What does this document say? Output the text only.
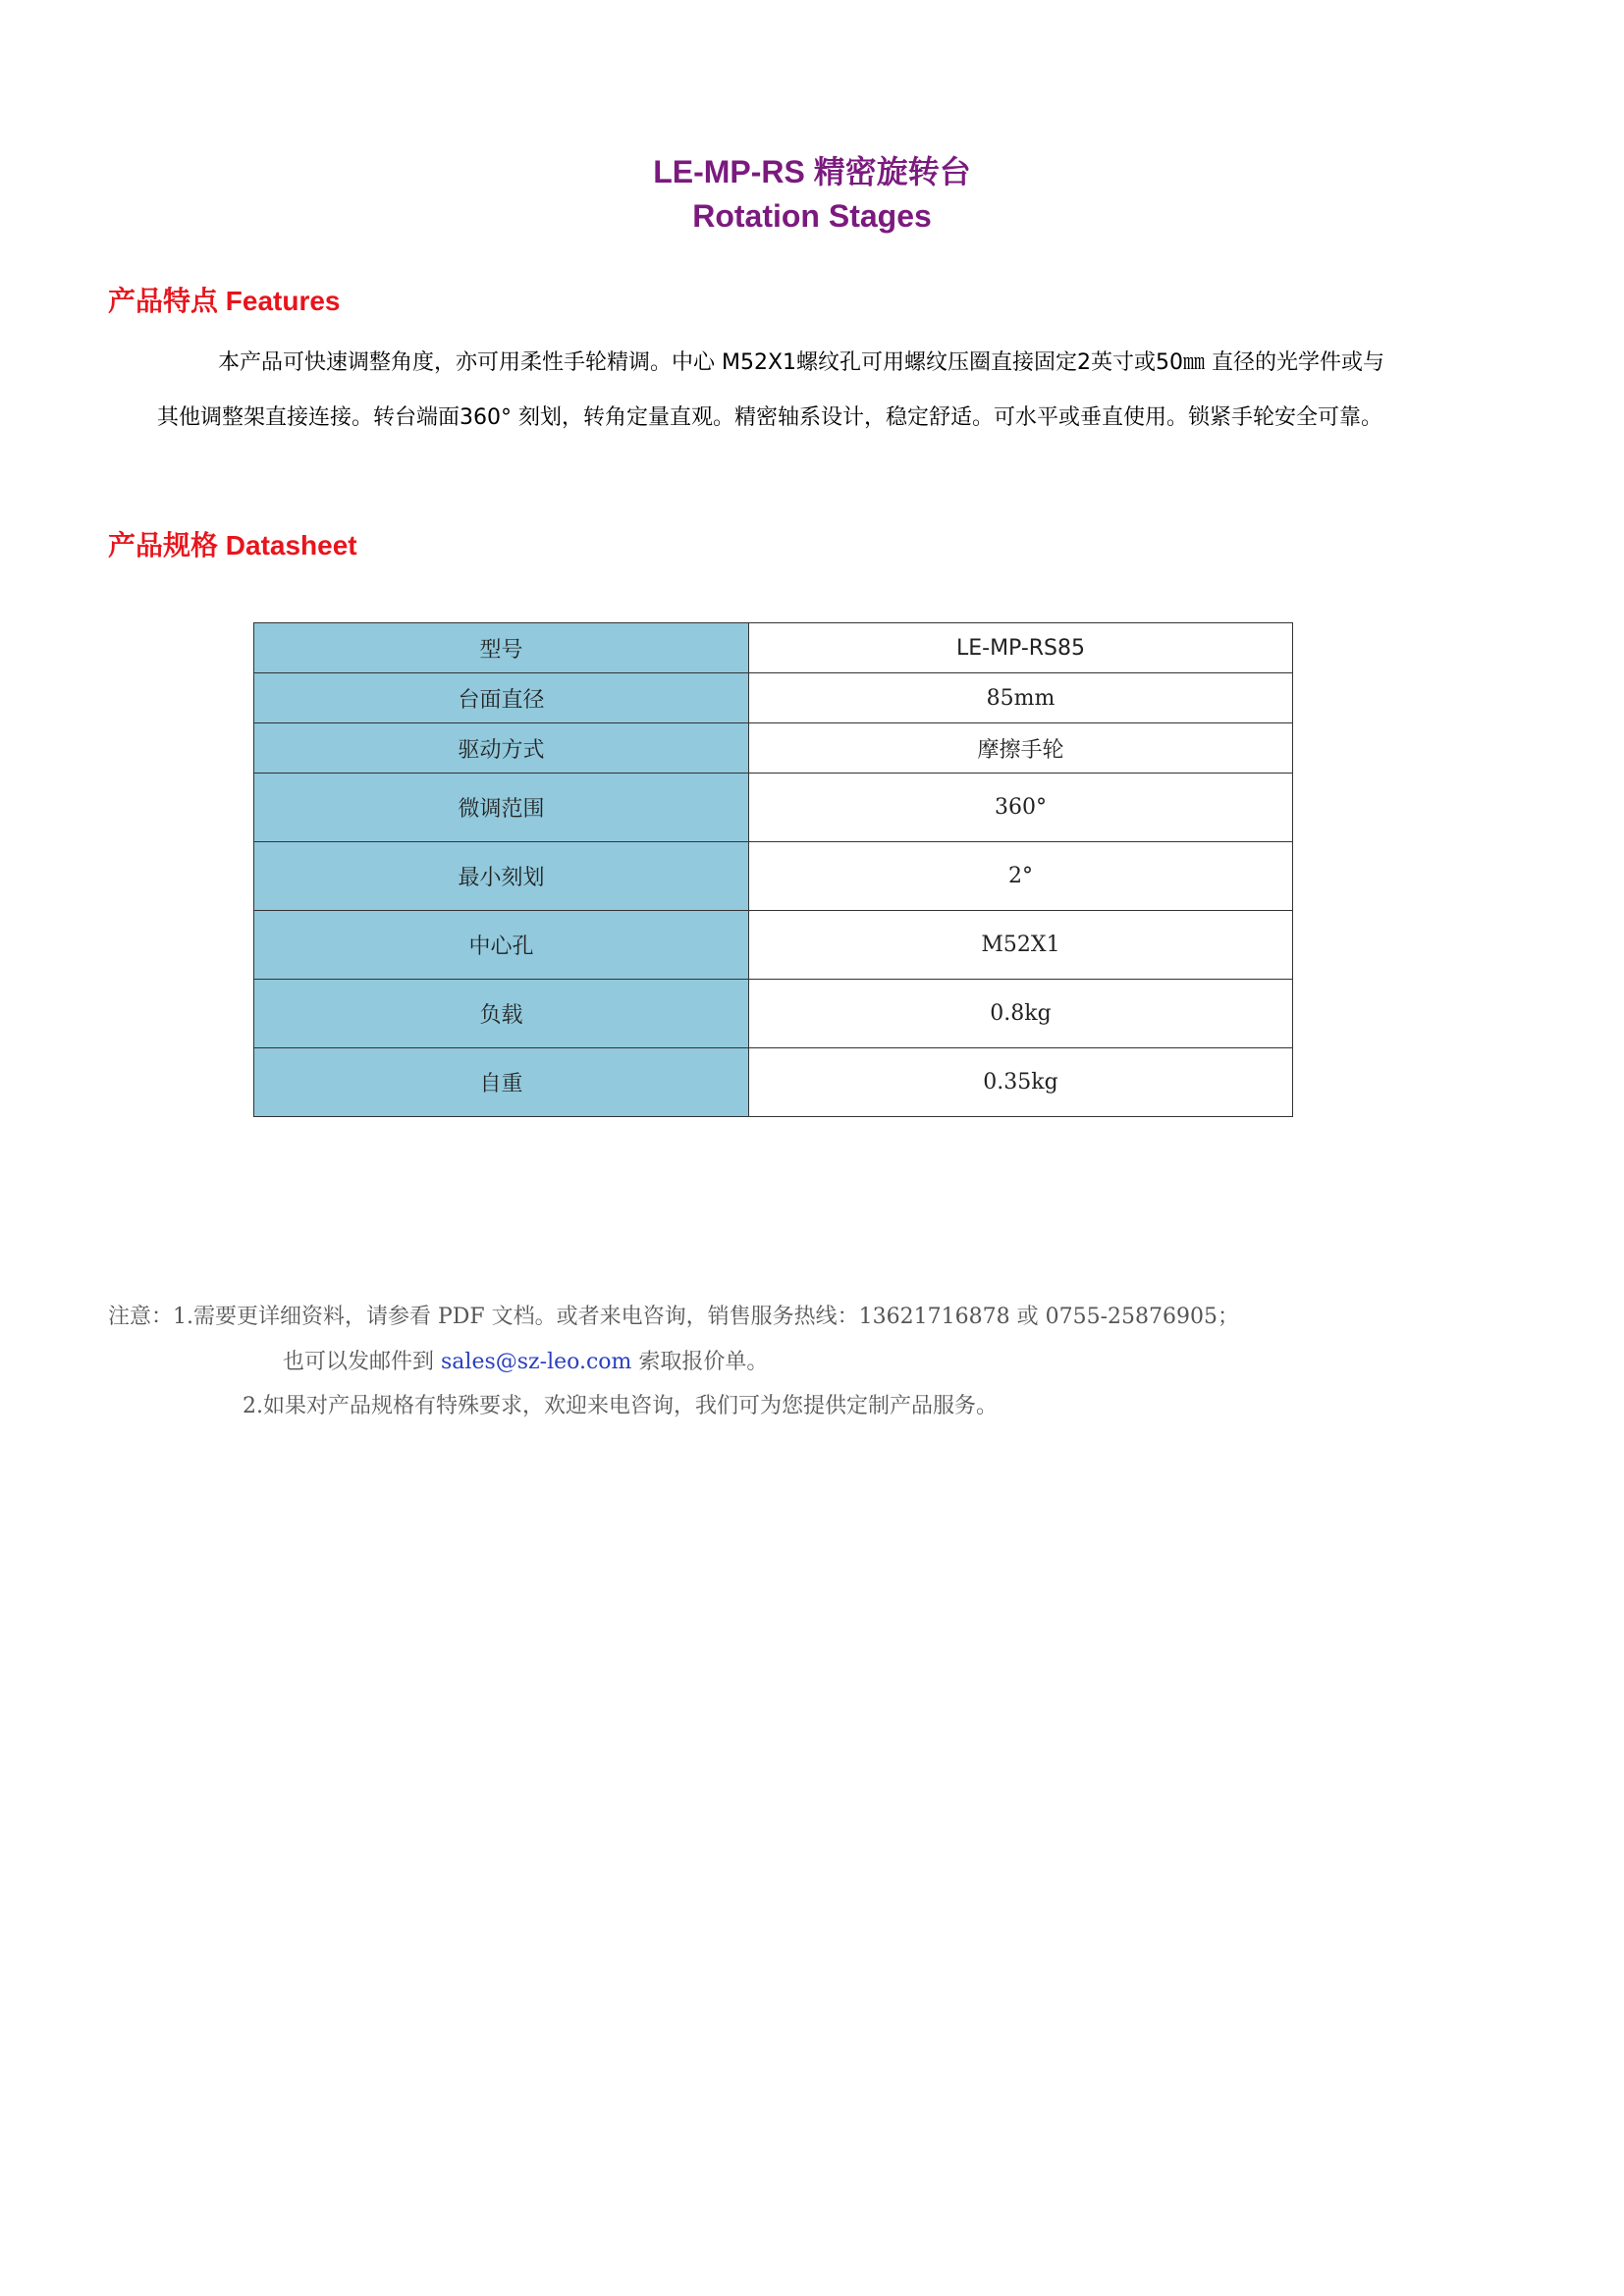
LE-MP-RS 精密旋转台
Rotation Stages
产品特点 Features
本产品可快速调整角度，亦可用柔性手轮精调。中心 M52X1螺纹孔可用螺纹压圈直接固定2英寸或50㎜ 直径的光学件或与
其他调整架直接连接。转台端面360° 刻划，转角定量直观。精密轴系设计，稳定舒适。可水平或垂直使用。锁紧手轮安全可靠。
产品规格 Datasheet
型号	LE-MP-RS85
台面直径	85mm
驱动方式	摩擦手轮
微调范围	360°
最小刻划	2°
中心孔	M52X1
负载	0.8kg
自重	0.35kg
注意：1.需要更详细资料，请参看 PDF 文档。或者来电咨询，销售服务热线：13621716878 或 0755-25876905；
也可以发邮件到 sales@sz-leo.com 索取报价单。
2.如果对产品规格有特殊要求，欢迎来电咨询，我们可为您提供定制产品服务。
